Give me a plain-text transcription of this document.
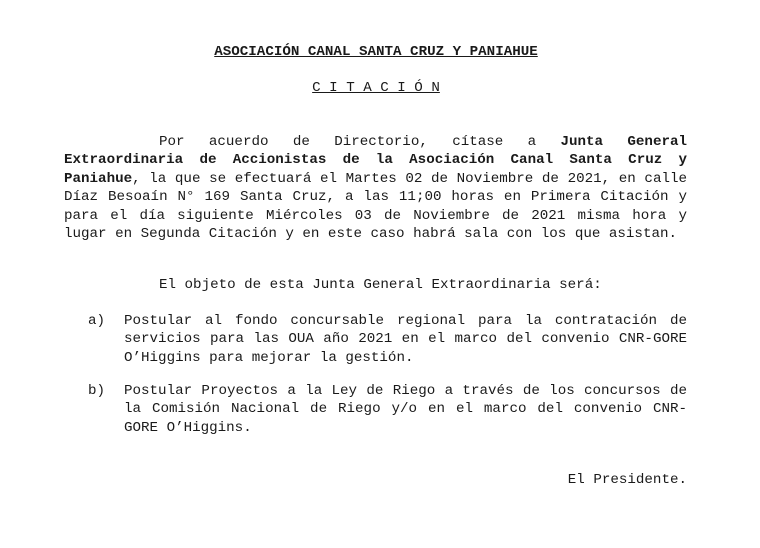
ASOCIACIÓN CANAL SANTA CRUZ Y PANIAHUE
C I T A C I Ó N

Por acuerdo de Directorio, cítase a Junta General Extraordinaria de Accionistas de la Asociación Canal Santa Cruz y Paniahue, la que se efectuará el Martes 02 de Noviembre de 2021, en calle Díaz Besoaín N° 169 Santa Cruz, a las 11;00 horas en Primera Citación y para el día siguiente Miércoles 03 de Noviembre de 2021 misma hora y lugar en Segunda Citación y en este caso habrá sala con los que asistan.

El objeto de esta Junta General Extraordinaria será:

a)	Postular al fondo concursable regional para la contratación de servicios para las OUA año 2021 en el marco del convenio CNR-GORE O’Higgins para mejorar la gestión.

b)	Postular Proyectos a la Ley de Riego a través de los concursos de la Comisión Nacional de Riego y/o en el marco del convenio CNR-GORE O’Higgins.

El Presidente.
